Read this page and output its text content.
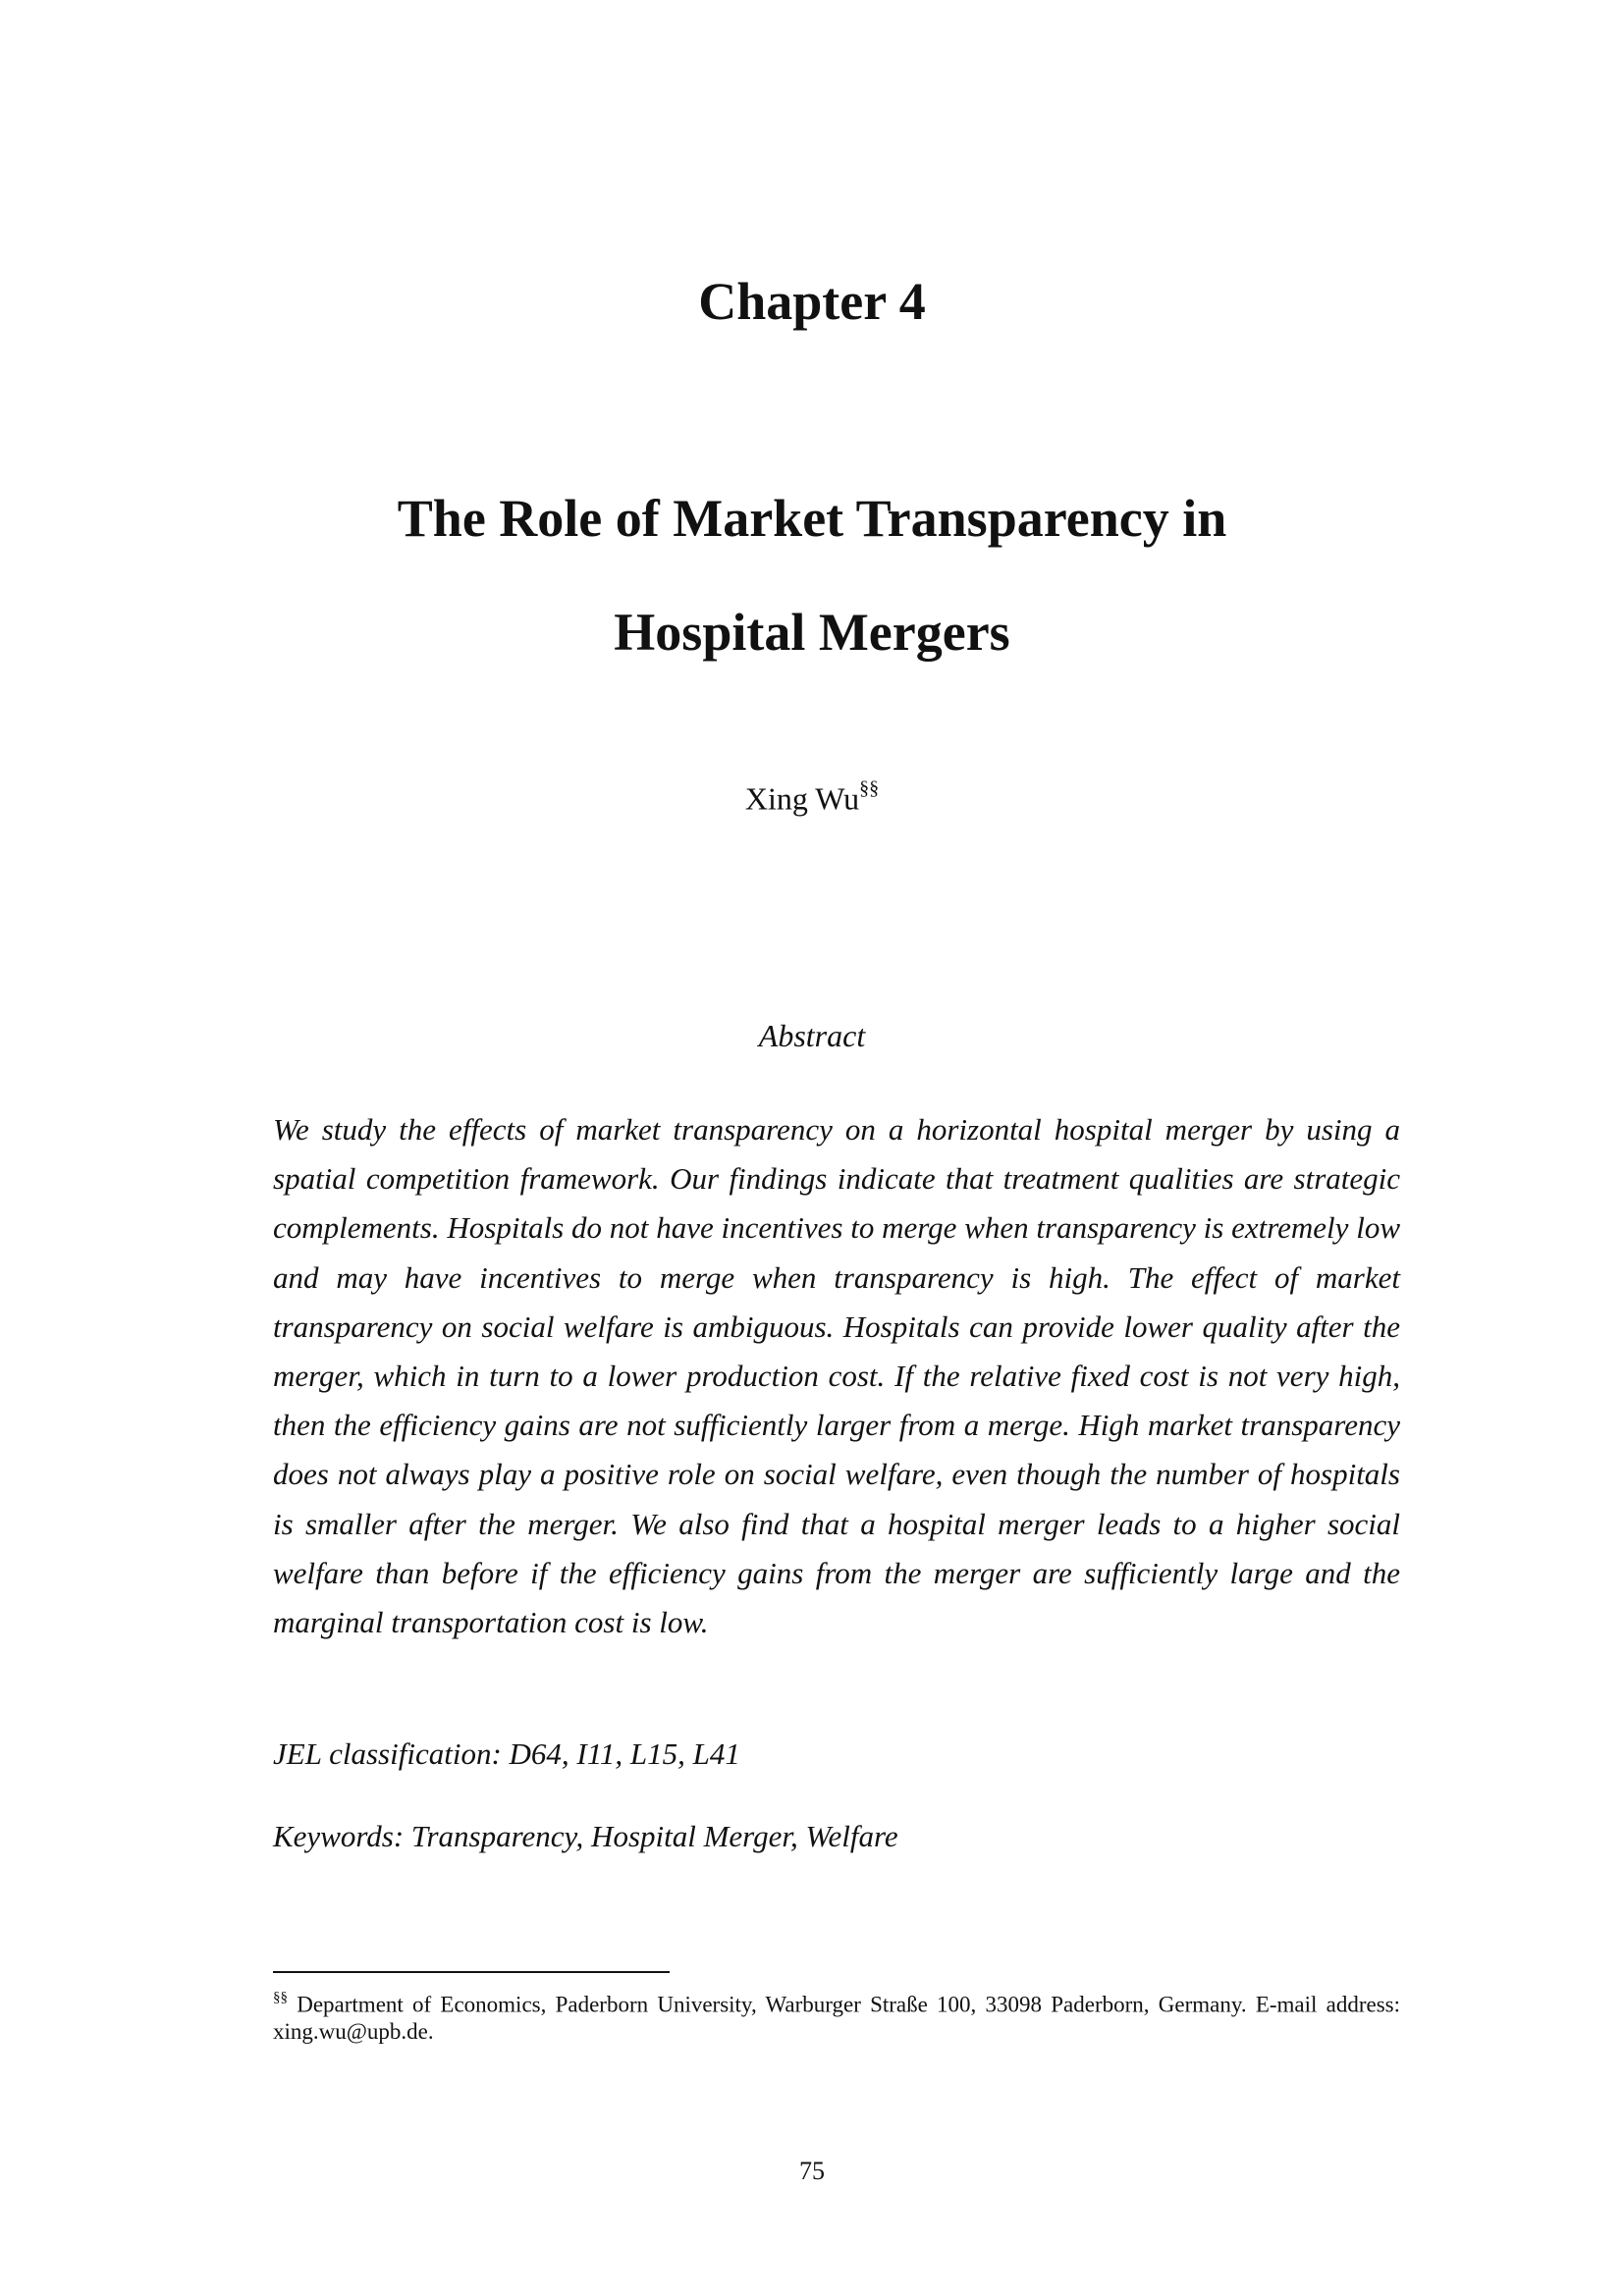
Chapter 4
The Role of Market Transparency in
Hospital Mergers
Xing Wu§§
Abstract

We study the effects of market transparency on a horizontal hospital merger by using a spatial competition framework. Our findings indicate that treatment qualities are strategic complements. Hospitals do not have incentives to merge when transparency is extremely low and may have incentives to merge when transparency is high. The effect of market transparency on social welfare is ambiguous. Hospitals can provide lower quality after the merger, which in turn to a lower production cost. If the relative fixed cost is not very high, then the efficiency gains are not sufficiently larger from a merge. High market transparency does not always play a positive role on social welfare, even though the number of hospitals is smaller after the merger. We also find that a hospital merger leads to a higher social welfare than before if the efficiency gains from the merger are sufficiently large and the marginal transportation cost is low.

JEL classification: D64, I11, L15, L41
Keywords: Transparency, Hospital Merger, Welfare

§§ Department of Economics, Paderborn University, Warburger Straße 100, 33098 Paderborn, Germany. E-mail address: xing.wu@upb.de.

75
